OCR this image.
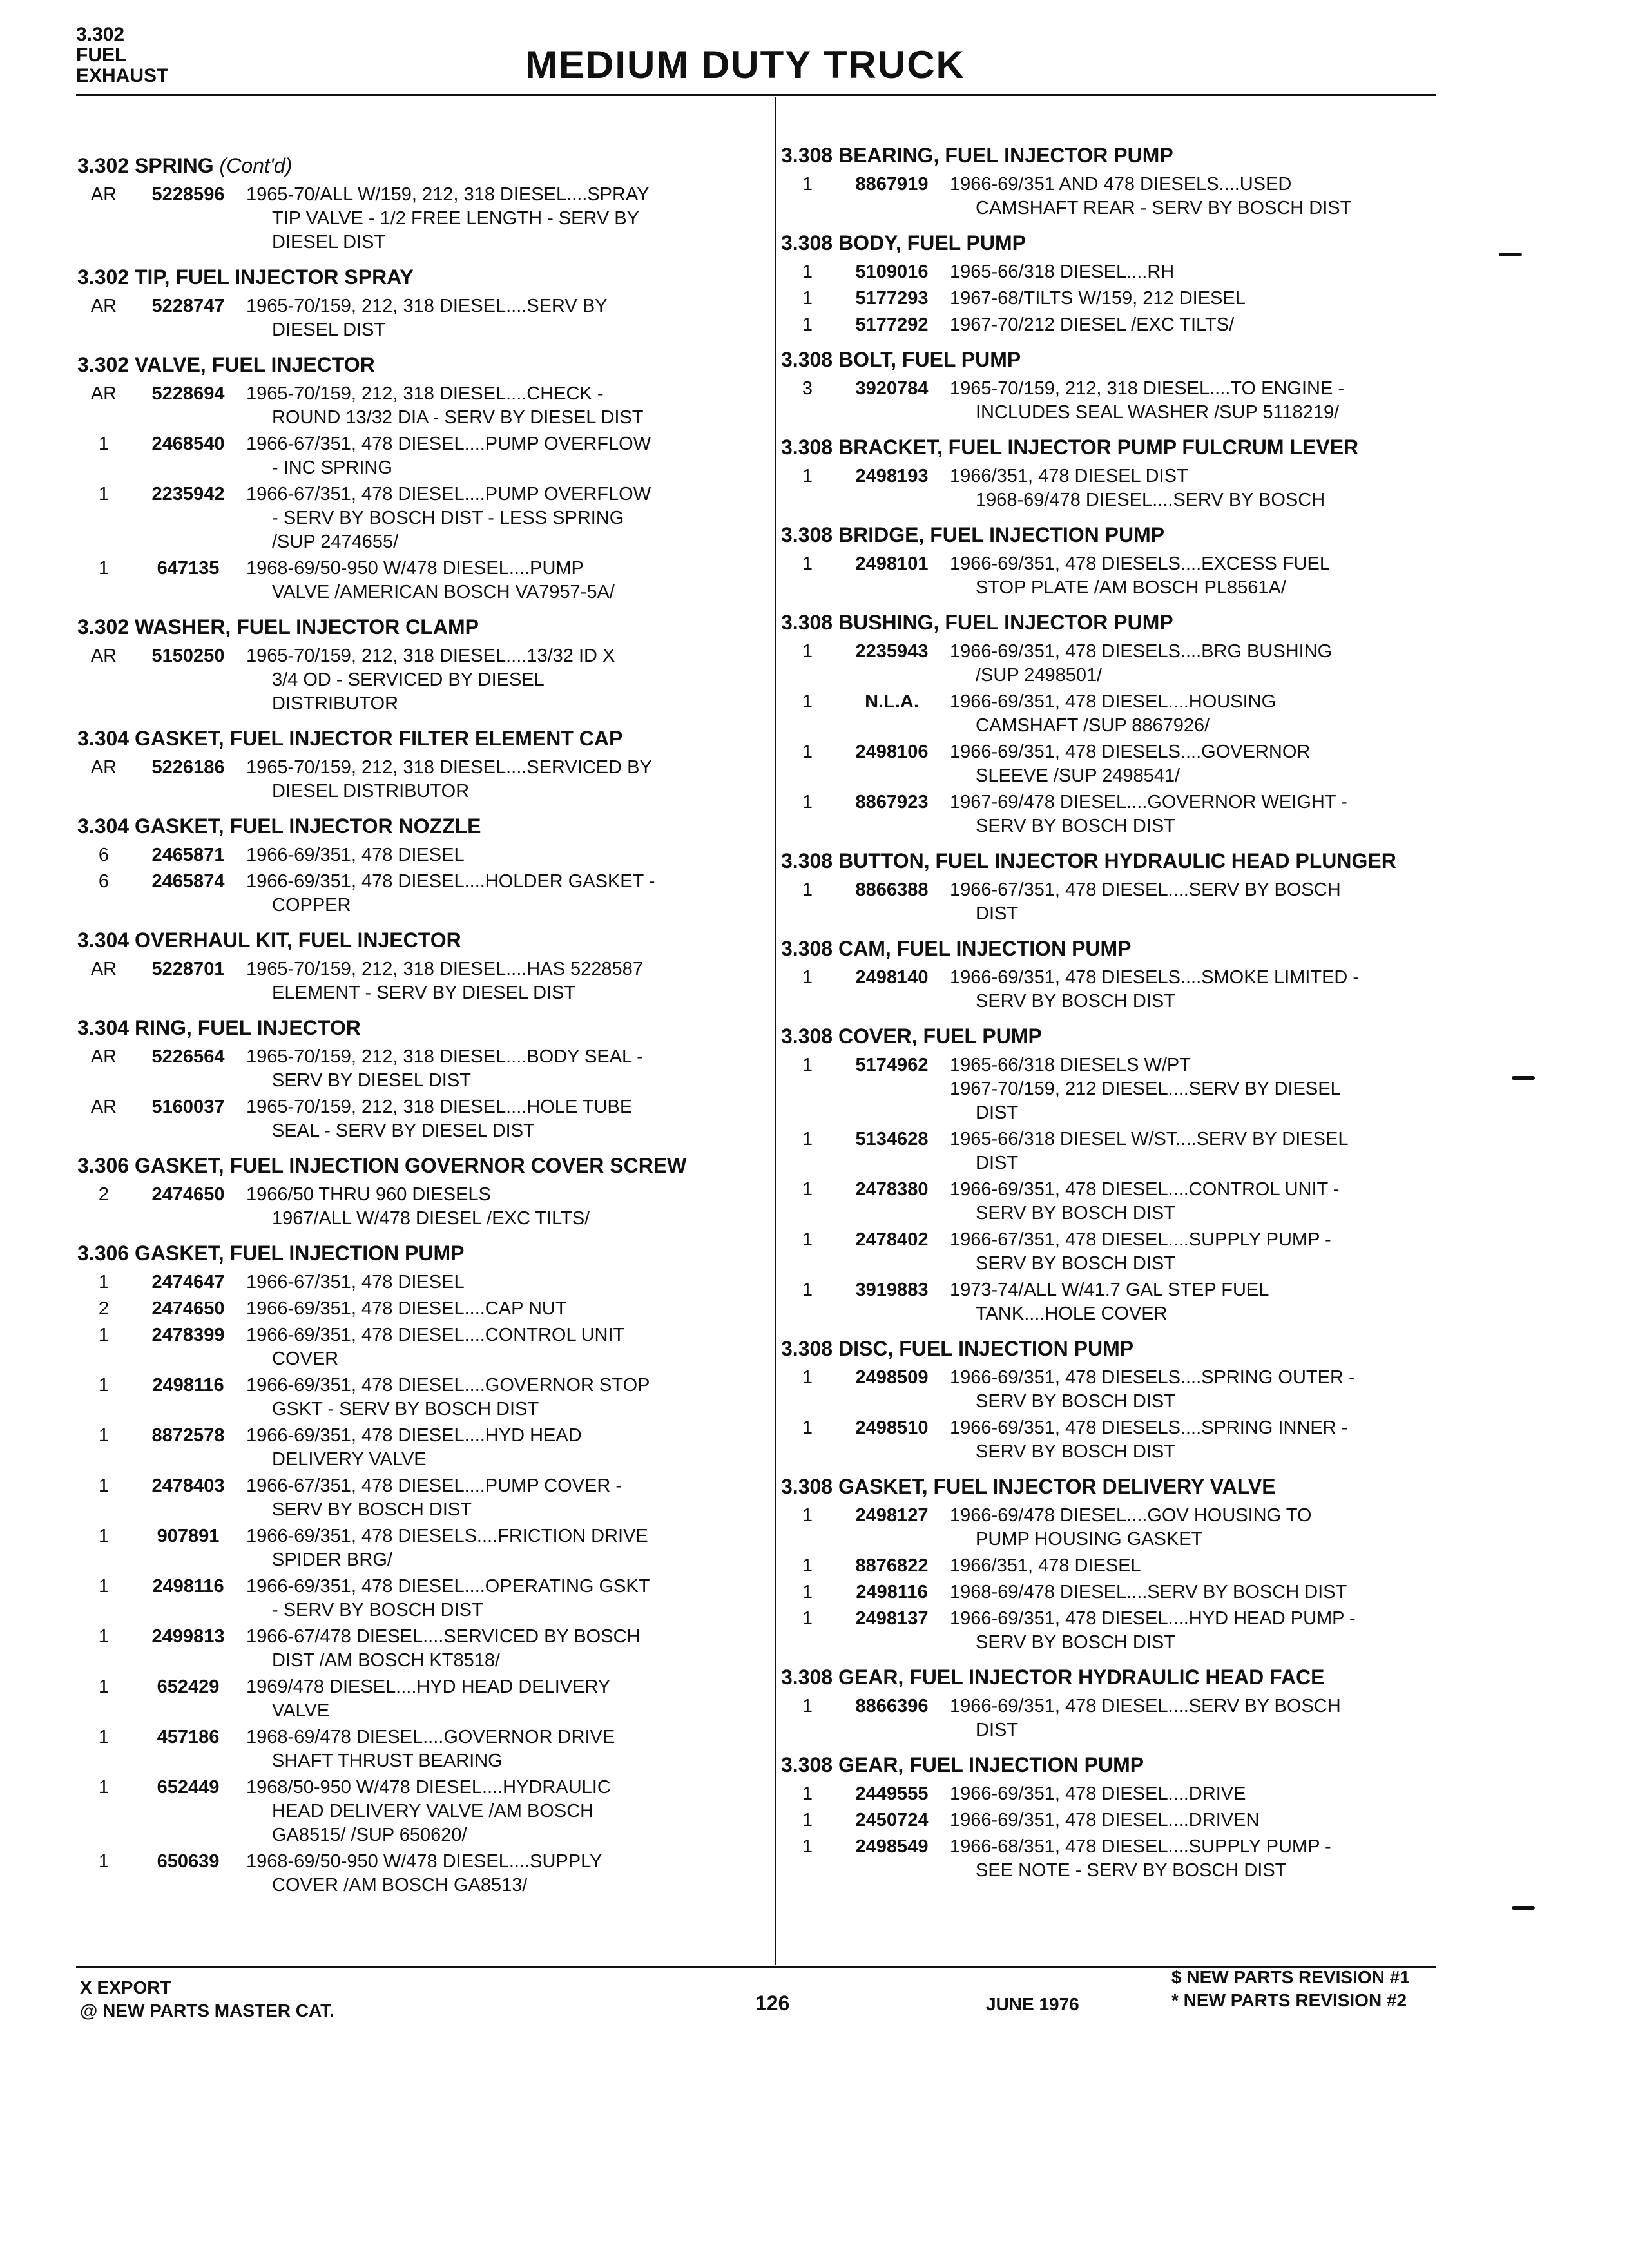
3.302
FUEL
EXHAUST	MEDIUM DUTY TRUCK
3.302 SPRING (Cont'd)
AR	5228596	1965-70/ALL W/159, 212, 318 DIESEL....SPRAY
TIP VALVE - 1/2 FREE LENGTH - SERV BY
DIESEL DIST
3.302 TIP, FUEL INJECTOR SPRAY
AR	5228747	1965-70/159, 212, 318 DIESEL....SERV BY
DIESEL DIST
3.302 VALVE, FUEL INJECTOR
AR	5228694	1965-70/159, 212, 318 DIESEL....CHECK -
ROUND 13/32 DIA - SERV BY DIESEL DIST
1	2468540	1966-67/351, 478 DIESEL....PUMP OVERFLOW
- INC SPRING
1	2235942	1966-67/351, 478 DIESEL....PUMP OVERFLOW
- SERV BY BOSCH DIST - LESS SPRING
/SUP 2474655/
1	647135	1968-69/50-950 W/478 DIESEL....PUMP
VALVE /AMERICAN BOSCH VA7957-5A/
3.302 WASHER, FUEL INJECTOR CLAMP
AR	5150250	1965-70/159, 212, 318 DIESEL....13/32 ID X
3/4 OD - SERVICED BY DIESEL
DISTRIBUTOR
3.304 GASKET, FUEL INJECTOR FILTER ELEMENT CAP
AR	5226186	1965-70/159, 212, 318 DIESEL....SERVICED BY
DIESEL DISTRIBUTOR
3.304 GASKET, FUEL INJECTOR NOZZLE
6	2465871	1966-69/351, 478 DIESEL
6	2465874	1966-69/351, 478 DIESEL....HOLDER GASKET -
COPPER
3.304 OVERHAUL KIT, FUEL INJECTOR
AR	5228701	1965-70/159, 212, 318 DIESEL....HAS 5228587
ELEMENT - SERV BY DIESEL DIST
3.304 RING, FUEL INJECTOR
AR	5226564	1965-70/159, 212, 318 DIESEL....BODY SEAL -
SERV BY DIESEL DIST
AR	5160037	1965-70/159, 212, 318 DIESEL....HOLE TUBE
SEAL - SERV BY DIESEL DIST
3.306 GASKET, FUEL INJECTION GOVERNOR COVER SCREW
2	2474650	1966/50 THRU 960 DIESELS
1967/ALL W/478 DIESEL /EXC TILTS/
3.306 GASKET, FUEL INJECTION PUMP
1	2474647	1966-67/351, 478 DIESEL
2	2474650	1966-69/351, 478 DIESEL....CAP NUT
1	2478399	1966-69/351, 478 DIESEL....CONTROL UNIT
COVER
1	2498116	1966-69/351, 478 DIESEL....GOVERNOR STOP
GSKT - SERV BY BOSCH DIST
1	8872578	1966-69/351, 478 DIESEL....HYD HEAD
DELIVERY VALVE
1	2478403	1966-67/351, 478 DIESEL....PUMP COVER -
SERV BY BOSCH DIST
1	907891	1966-69/351, 478 DIESELS....FRICTION DRIVE
SPIDER BRG/
1	2498116	1966-69/351, 478 DIESEL....OPERATING GSKT
- SERV BY BOSCH DIST
1	2499813	1966-67/478 DIESEL....SERVICED BY BOSCH
DIST /AM BOSCH KT8518/
1	652429	1969/478 DIESEL....HYD HEAD DELIVERY
VALVE
1	457186	1968-69/478 DIESEL....GOVERNOR DRIVE
SHAFT THRUST BEARING
1	652449	1968/50-950 W/478 DIESEL....HYDRAULIC
HEAD DELIVERY VALVE /AM BOSCH
GA8515/ /SUP 650620/
1	650639	1968-69/50-950 W/478 DIESEL....SUPPLY
COVER /AM BOSCH GA8513/
3.308 BEARING, FUEL INJECTOR PUMP
1	8867919	1966-69/351 AND 478 DIESELS....USED
CAMSHAFT REAR - SERV BY BOSCH DIST
3.308 BODY, FUEL PUMP
1	5109016	1965-66/318 DIESEL....RH
1	5177293	1967-68/TILTS W/159, 212 DIESEL
1	5177292	1967-70/212 DIESEL /EXC TILTS/
3.308 BOLT, FUEL PUMP
3	3920784	1965-70/159, 212, 318 DIESEL....TO ENGINE -
INCLUDES SEAL WASHER /SUP 5118219/
3.308 BRACKET, FUEL INJECTOR PUMP FULCRUM LEVER
1	2498193	1966/351, 478 DIESEL DIST
1968-69/478 DIESEL....SERV BY BOSCH
3.308 BRIDGE, FUEL INJECTION PUMP
1	2498101	1966-69/351, 478 DIESELS....EXCESS FUEL
STOP PLATE /AM BOSCH PL8561A/
3.308 BUSHING, FUEL INJECTOR PUMP
1	2235943	1966-69/351, 478 DIESELS....BRG BUSHING
/SUP 2498501/
1	N.L.A.	1966-69/351, 478 DIESEL....HOUSING
CAMSHAFT /SUP 8867926/
1	2498106	1966-69/351, 478 DIESELS....GOVERNOR
SLEEVE /SUP 2498541/
1	8867923	1967-69/478 DIESEL....GOVERNOR WEIGHT -
SERV BY BOSCH DIST
3.308 BUTTON, FUEL INJECTOR HYDRAULIC HEAD PLUNGER
1	8866388	1966-67/351, 478 DIESEL....SERV BY BOSCH
DIST
3.308 CAM, FUEL INJECTION PUMP
1	2498140	1966-69/351, 478 DIESELS....SMOKE LIMITED -
SERV BY BOSCH DIST
3.308 COVER, FUEL PUMP
1	5174962	1965-66/318 DIESELS W/PT
1967-70/159, 212 DIESEL....SERV BY DIESEL
DIST
1	5134628	1965-66/318 DIESEL W/ST....SERV BY DIESEL
DIST
1	2478380	1966-69/351, 478 DIESEL....CONTROL UNIT -
SERV BY BOSCH DIST
1	2478402	1966-67/351, 478 DIESEL....SUPPLY PUMP -
SERV BY BOSCH DIST
1	3919883	1973-74/ALL W/41.7 GAL STEP FUEL
TANK....HOLE COVER
3.308 DISC, FUEL INJECTION PUMP
1	2498509	1966-69/351, 478 DIESELS....SPRING OUTER -
SERV BY BOSCH DIST
1	2498510	1966-69/351, 478 DIESELS....SPRING INNER -
SERV BY BOSCH DIST
3.308 GASKET, FUEL INJECTOR DELIVERY VALVE
1	2498127	1966-69/478 DIESEL....GOV HOUSING TO
PUMP HOUSING GASKET
1	8876822	1966/351, 478 DIESEL
1	2498116	1968-69/478 DIESEL....SERV BY BOSCH DIST
1	2498137	1966-69/351, 478 DIESEL....HYD HEAD PUMP -
SERV BY BOSCH DIST
3.308 GEAR, FUEL INJECTOR HYDRAULIC HEAD FACE
1	8866396	1966-69/351, 478 DIESEL....SERV BY BOSCH
DIST
3.308 GEAR, FUEL INJECTION PUMP
1	2449555	1966-69/351, 478 DIESEL....DRIVE
1	2450724	1966-69/351, 478 DIESEL....DRIVEN
1	2498549	1966-68/351, 478 DIESEL....SUPPLY PUMP -
SEE NOTE - SERV BY BOSCH DIST
X EXPORT
@ NEW PARTS MASTER CAT.	126	JUNE 1976
$ NEW PARTS REVISION #1
* NEW PARTS REVISION #2
